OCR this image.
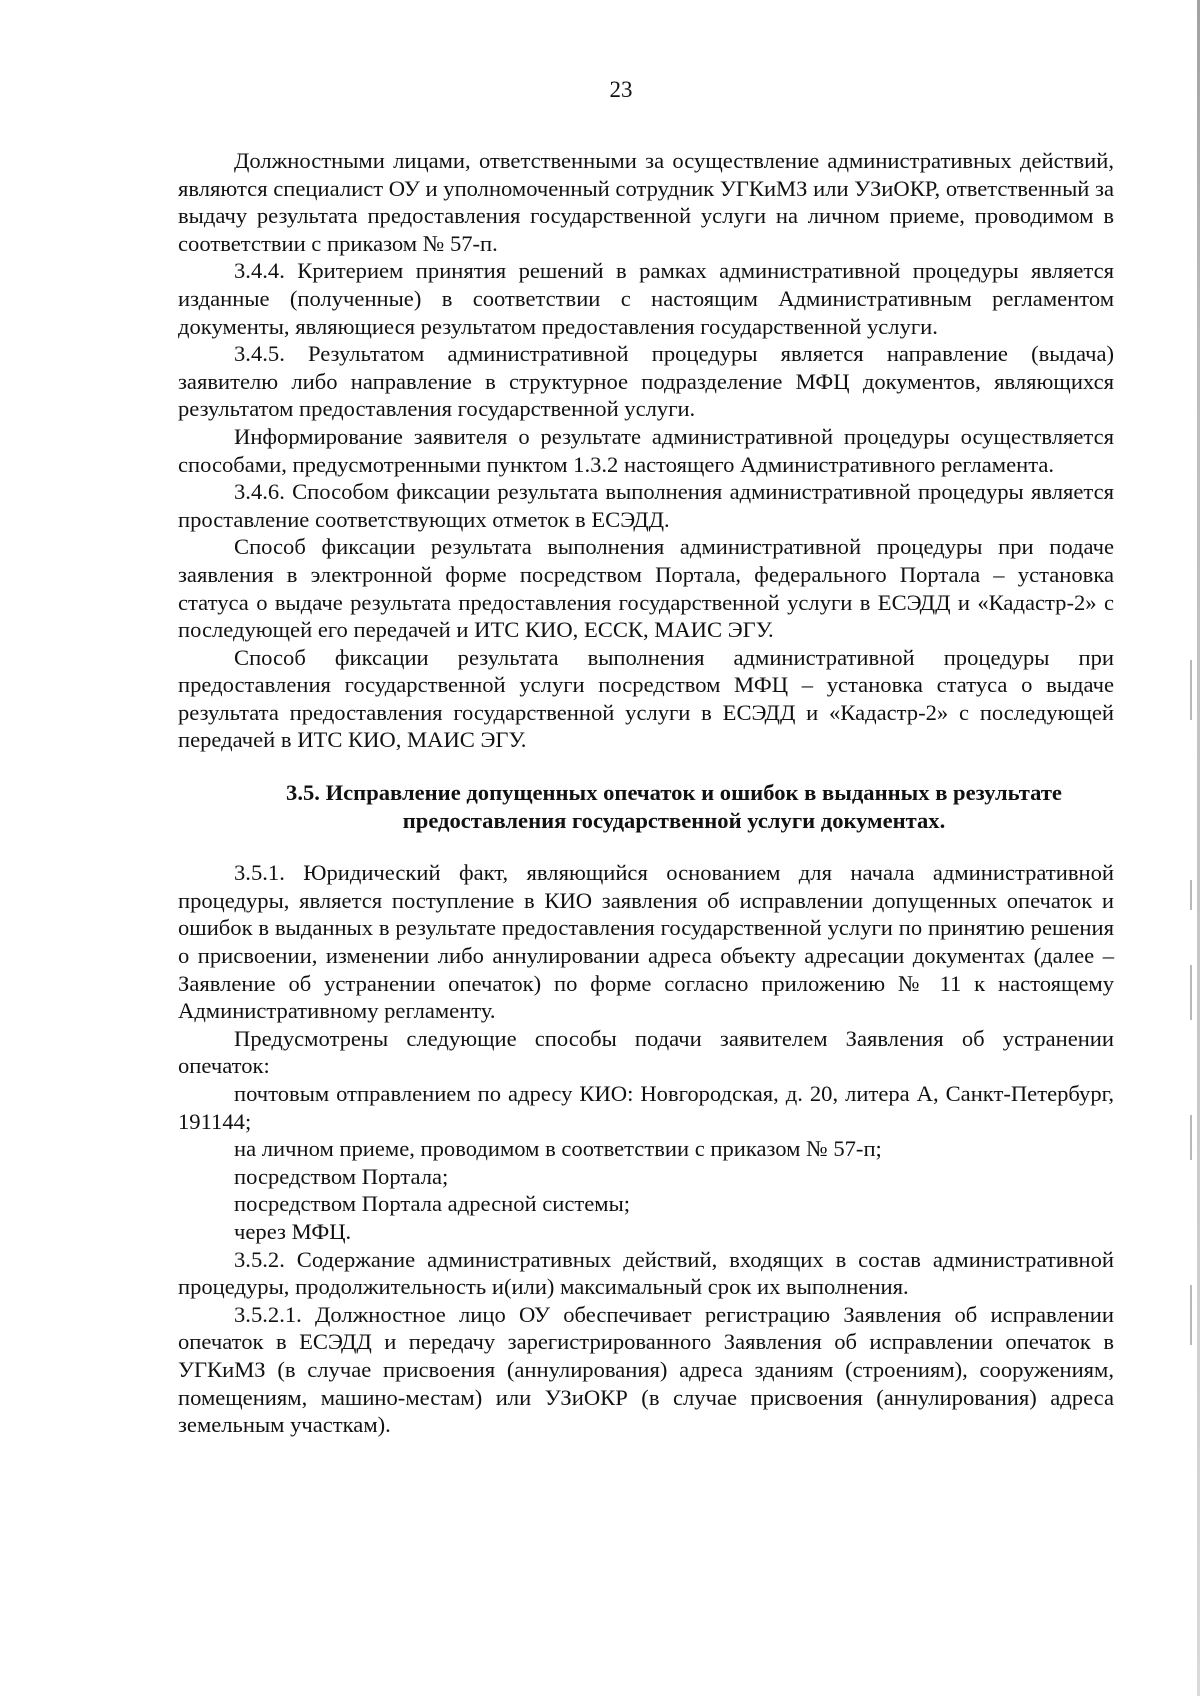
23

Должностными лицами, ответственными за осуществление административных действий, являются специалист ОУ и уполномоченный сотрудник УГКиМЗ или УЗиОКР, ответственный за выдачу результата предоставления государственной услуги на личном приеме, проводимом в соответствии с приказом № 57-п.

3.4.4. Критерием принятия решений в рамках административной процедуры является изданные (полученные) в соответствии с настоящим Административным регламентом документы, являющиеся результатом предоставления государственной услуги.

3.4.5. Результатом административной процедуры является направление (выдача) заявителю либо направление в структурное подразделение МФЦ документов, являющихся результатом предоставления государственной услуги.

Информирование заявителя о результате административной процедуры осуществляется способами, предусмотренными пунктом 1.3.2 настоящего Административного регламента.

3.4.6. Способом фиксации результата выполнения административной процедуры является проставление соответствующих отметок в ЕСЭДД.

Способ фиксации результата выполнения административной процедуры при подаче заявления в электронной форме посредством Портала, федерального Портала – установка статуса о выдаче результата предоставления государственной услуги в ЕСЭДД и «Кадастр-2» с последующей его передачей и ИТС КИО, ЕССК, МАИС ЭГУ.

Способ фиксации результата выполнения административной процедуры при предоставления государственной услуги посредством МФЦ – установка статуса о выдаче результата предоставления государственной услуги в ЕСЭДД и «Кадастр-2» с последующей передачей в ИТС КИО, МАИС ЭГУ.

3.5. Исправление допущенных опечаток и ошибок в выданных в результате предоставления государственной услуги документах.

3.5.1. Юридический факт, являющийся основанием для начала административной процедуры, является поступление в КИО заявления об исправлении допущенных опечаток и ошибок в выданных в результате предоставления государственной услуги по принятию решения о присвоении, изменении либо аннулировании адреса объекту адресации документах (далее – Заявление об устранении опечаток) по форме согласно приложению № 11 к настоящему Административному регламенту.

Предусмотрены следующие способы подачи заявителем Заявления об устранении опечаток:

почтовым отправлением по адресу КИО: Новгородская, д. 20, литера А, Санкт-Петербург, 191144;

на личном приеме, проводимом в соответствии с приказом № 57-п;

посредством Портала;

посредством Портала адресной системы;

через МФЦ.

3.5.2. Содержание административных действий, входящих в состав административной процедуры, продолжительность и(или) максимальный срок их выполнения.

3.5.2.1. Должностное лицо ОУ обеспечивает регистрацию Заявления об исправлении опечаток в ЕСЭДД и передачу зарегистрированного Заявления об исправлении опечаток в УГКиМЗ (в случае присвоения (аннулирования) адреса зданиям (строениям), сооружениям, помещениям, машино-местам) или УЗиОКР (в случае присвоения (аннулирования) адреса земельным участкам).
